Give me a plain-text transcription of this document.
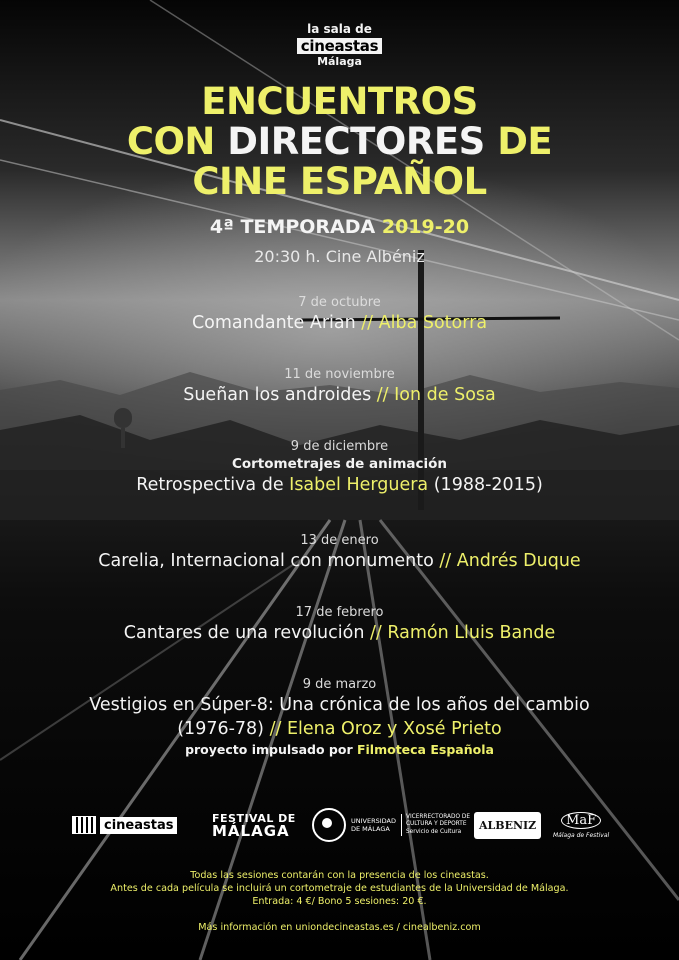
la sala de
cineastas
Málaga
ENCUENTROS
CON DIRECTORES DE
CINE ESPAÑOL
4ª TEMPORADA 2019-20
20:30 h. Cine Albéniz
7 de octubre
Comandante Arian // Alba Sotorra
11 de noviembre
Sueñan los androides // Ion de Sosa
9 de diciembre
Cortometrajes de animación
Retrospectiva de Isabel Herguera (1988-2015)
13 de enero
Carelia, Internacional con monumento // Andrés Duque
17 de febrero
Cantares de una revolución // Ramón Lluis Bande
9 de marzo
Vestigios en Súper-8: Una crónica de los años del cambio
(1976-78) // Elena Oroz y Xosé Prieto
proyecto impulsado por Filmoteca Española
cineastas	FESTIVAL DE
MÁLAGA
UNIVERSIDAD
DE MÁLAGA
VICERRECTORADO DE
CULTURA Y DEPORTE
Servicio de Cultura
ALBENIZ	MaF
Málaga de Festival
Todas las sesiones contarán con la presencia de los cineastas.
Antes de cada película se incluirá un cortometraje de estudiantes de la Universidad de Málaga.
Entrada: 4 €/ Bono 5 sesiones: 20 €.
Más información en uniondecineastas.es / cinealbeniz.com
